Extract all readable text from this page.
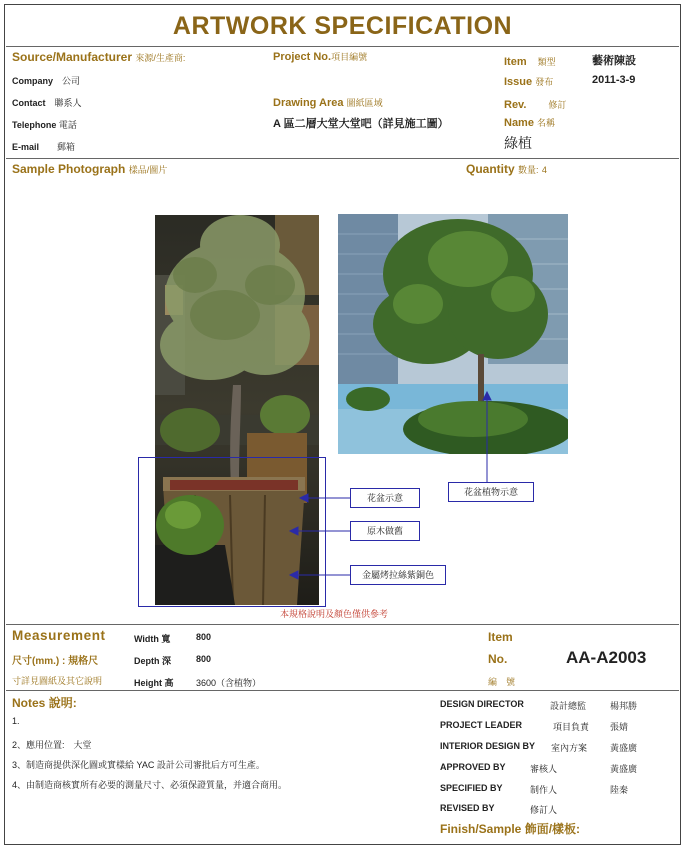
ARTWORK SPECIFICATION
Source/Manufacturer 來源/生產商:
Company　 公司
Contact　 聯系人
Telephone 電話
E-mail　　 郵箱
Project No.項目編號
Drawing Area 圖紙區域
A 區二層大堂大堂吧（詳見施工圖）
Item　 類型	藝術陳設
Issue 發布	2011-3-9
Rev.　　 修訂
Name 名稱
綠植
Sample Photograph 樣品/圖片	Quantity 數量: 4
花盆示意
原木做舊
金屬烤拉絲紫銅色
花盆植物示意
本規格說明及顏色僅供參考
Measurement
尺寸(mm.) : 規格尺
寸詳見圖紙及其它說明
Width 寬	800
Depth 深	800
Height 高	3600（含植物）
Item
No.
編　號
AA-A2003
Notes 說明:
1.
2、應用位置:　大堂
3、制造商提供深化圖或實樣給 YAC 設計公司審批后方可生產。
4、由制造商核實所有必要的測量尺寸、必須保證質量，并適合商用。
DESIGN DIRECTOR	設計總監	楊邦勝
PROJECT LEADER	項目負責 張婧
INTERIOR DESIGN BY 室內方案	黃盛廣
APPROVED BY	審核人	黃盛廣
SPECIFIED BY	制作人	陸秦
REVISED BY	修訂人
Finish/Sample 飾面/樣板:
